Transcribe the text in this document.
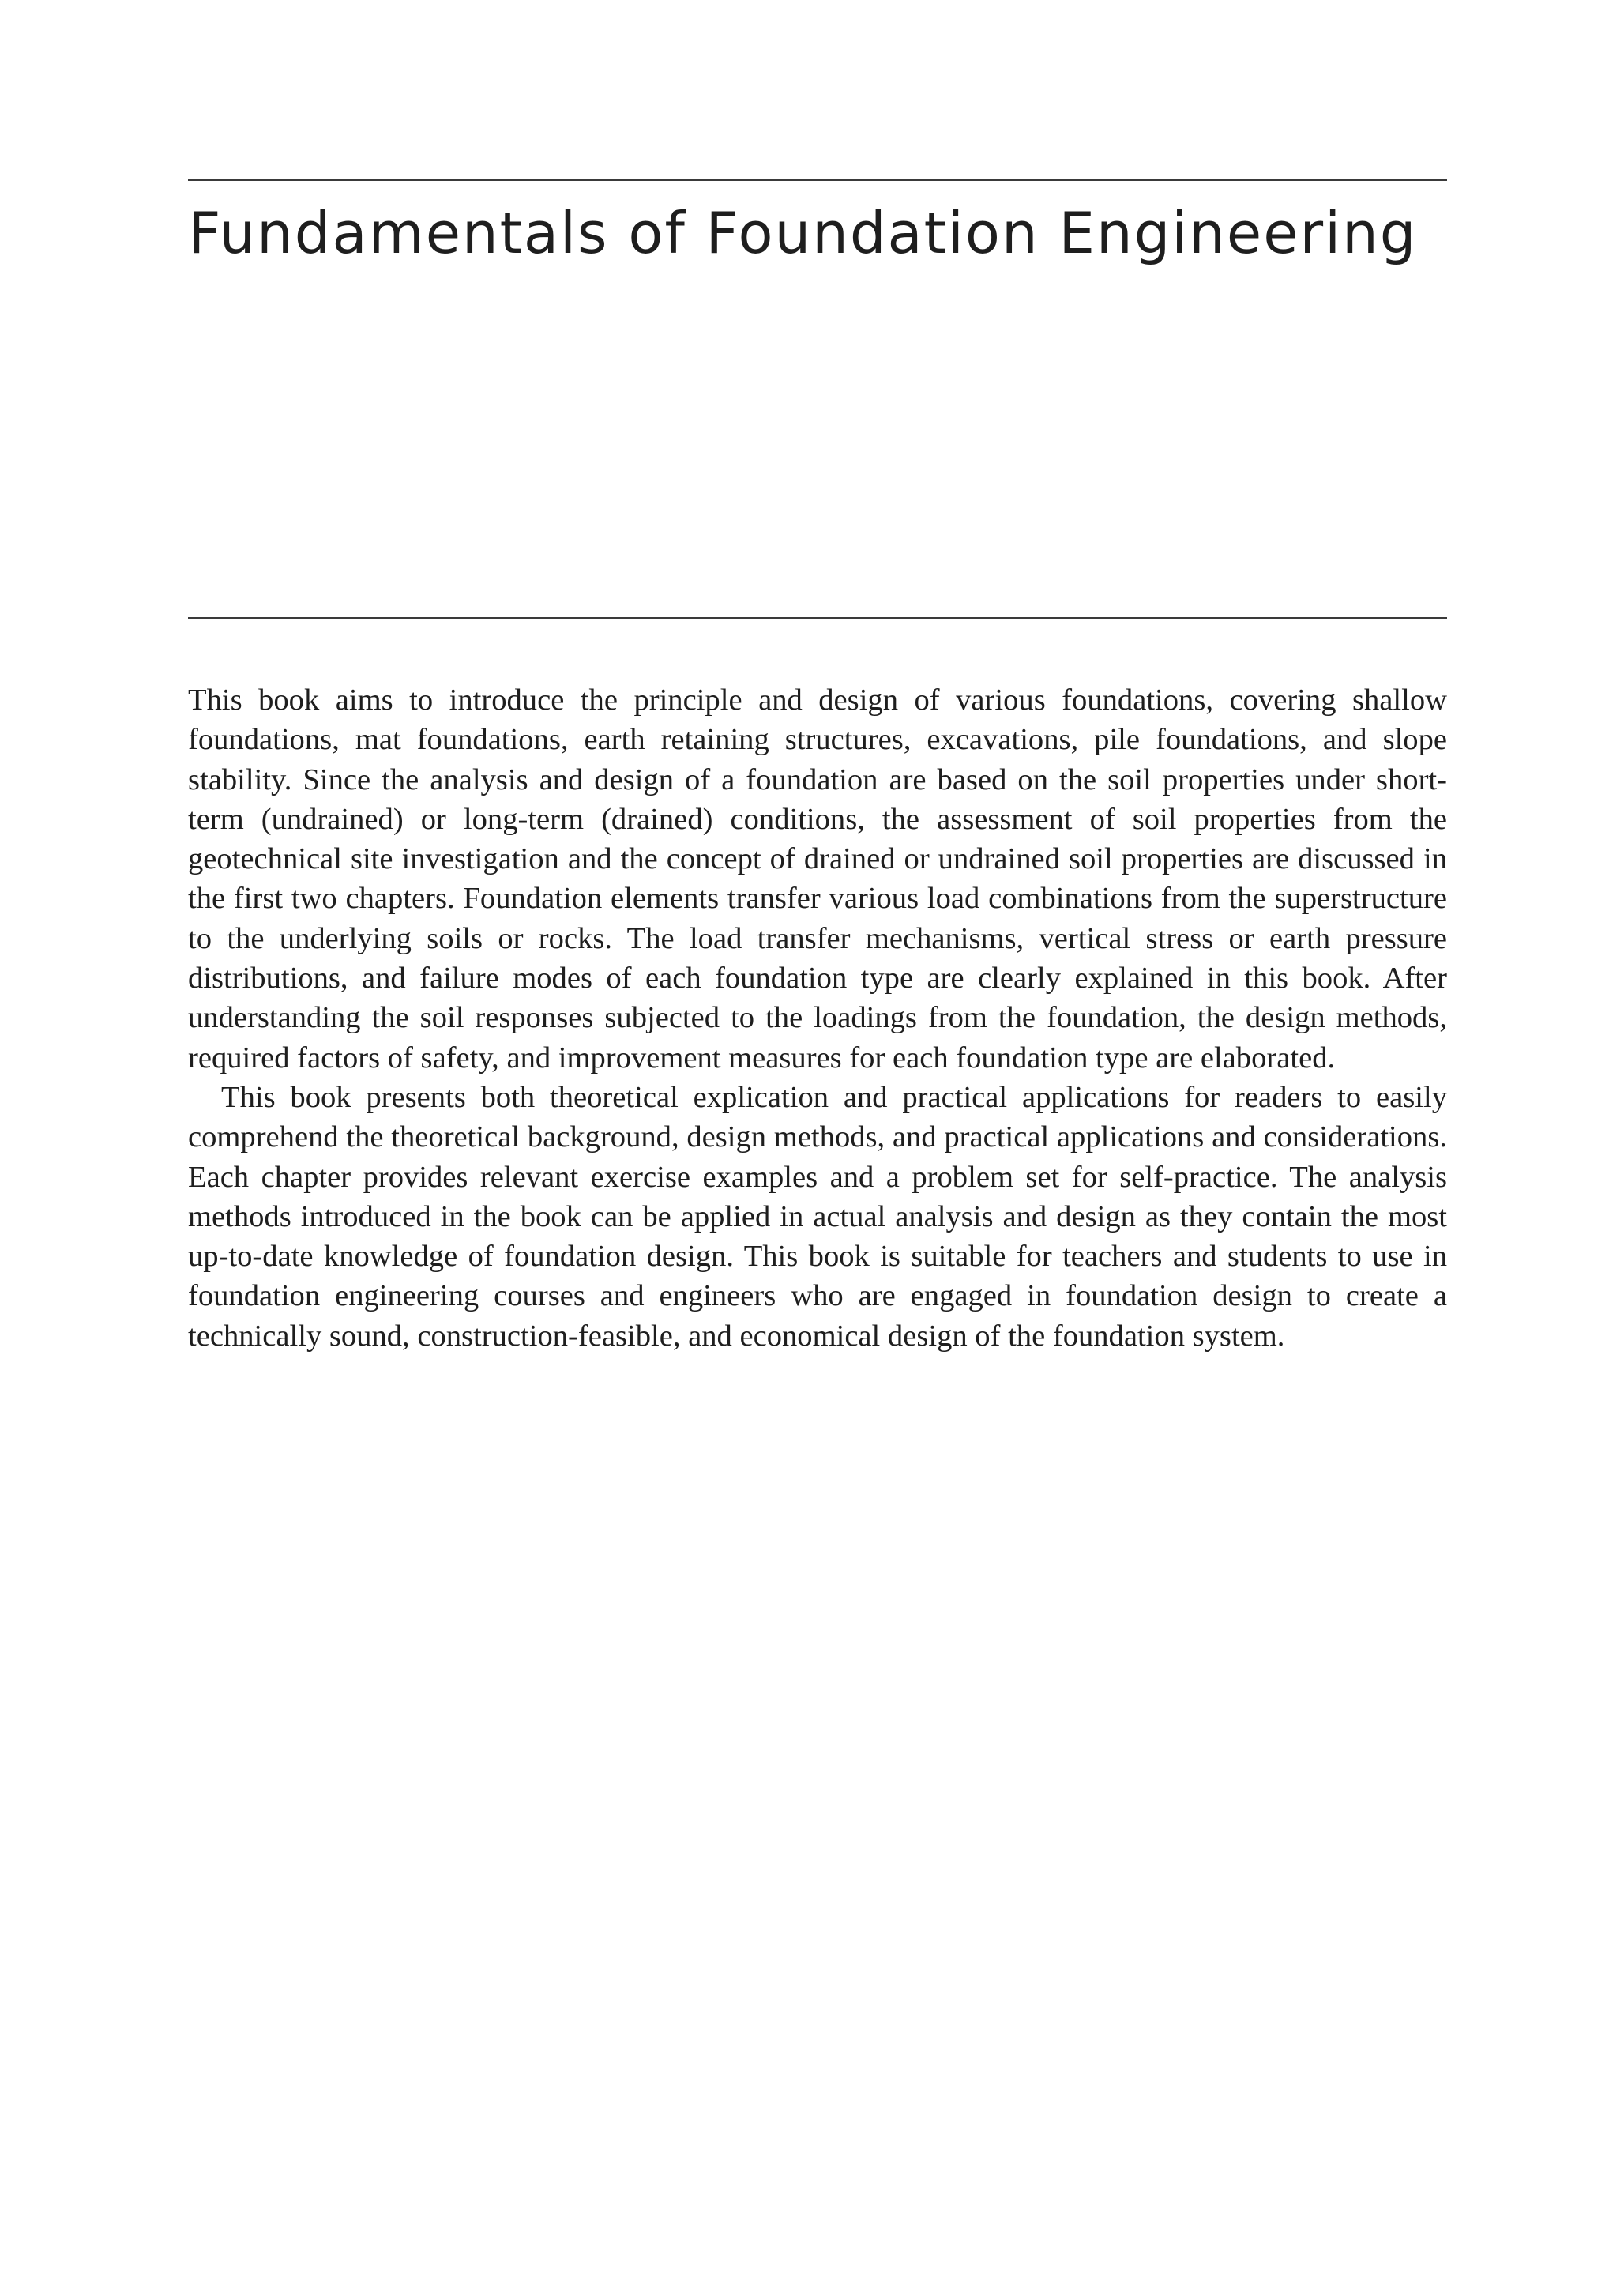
Fundamentals of Foundation Engineering

This book aims to introduce the principle and design of various foundations, covering shallow foundations, mat foundations, earth retaining structures, excavations, pile foundations, and slope stability. Since the analysis and design of a foundation are based on the soil properties under short-term (undrained) or long-term (drained) conditions, the assessment of soil properties from the geotechnical site investigation and the concept of drained or undrained soil properties are discussed in the first two chapters. Foundation elements transfer various load combinations from the superstructure to the underlying soils or rocks. The load transfer mechanisms, vertical stress or earth pressure distributions, and failure modes of each foundation type are clearly explained in this book. After understanding the soil responses subjected to the loadings from the foundation, the design methods, required factors of safety, and improvement measures for each foundation type are elaborated.

This book presents both theoretical explication and practical applications for readers to easily comprehend the theoretical background, design methods, and practical applications and considerations. Each chapter provides relevant exercise examples and a problem set for self-practice. The analysis methods introduced in the book can be applied in actual analysis and design as they contain the most up-to-date knowledge of foundation design. This book is suitable for teachers and students to use in foundation engineering courses and engineers who are engaged in foundation design to create a technically sound, construction-feasible, and economical design of the foundation system.
